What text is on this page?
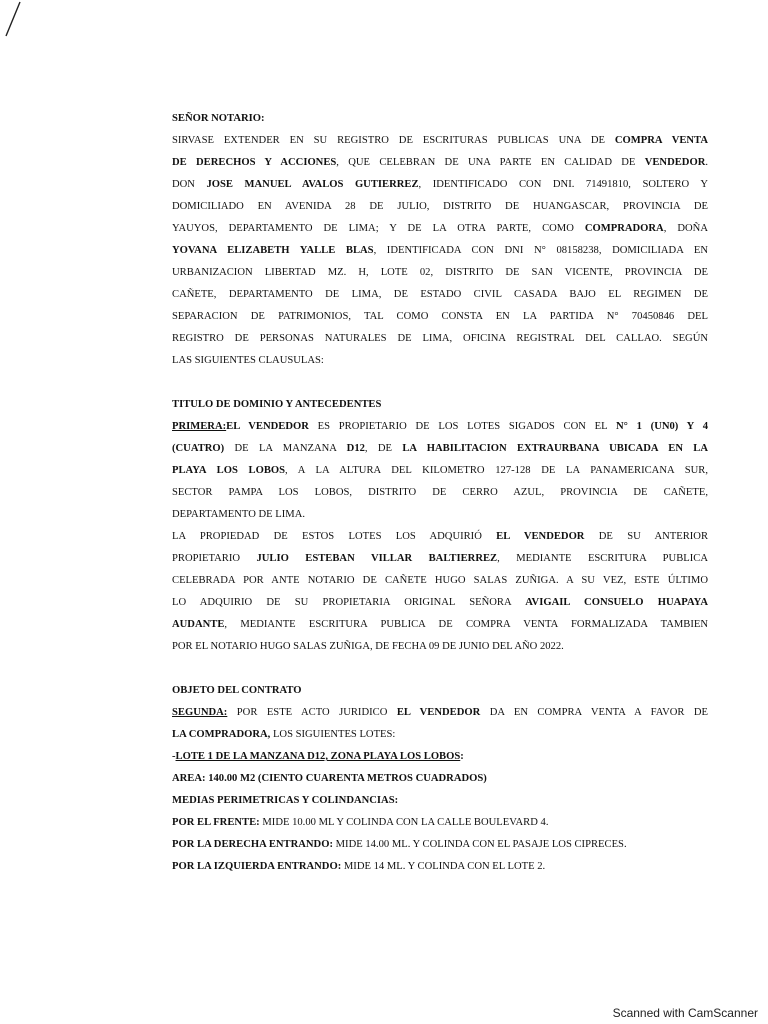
SEÑOR NOTARIO:
SIRVASE EXTENDER EN SU REGISTRO DE ESCRITURAS PUBLICAS UNA DE COMPRA VENTA
DE DERECHOS Y ACCIONES, QUE CELEBRAN DE UNA PARTE EN CALIDAD DE VENDEDOR.
DON JOSE MANUEL AVALOS GUTIERREZ, IDENTIFICADO CON DNI. 71491810, SOLTERO Y
DOMICILIADO EN AVENIDA 28 DE JULIO, DISTRITO DE HUANGASCAR, PROVINCIA DE
YAUYOS, DEPARTAMENTO DE LIMA; Y DE LA OTRA PARTE, COMO COMPRADORA, DOÑA
YOVANA ELIZABETH YALLE BLAS, IDENTIFICADA CON DNI N° 08158238, DOMICILIADA EN
URBANIZACION LIBERTAD MZ. H, LOTE 02, DISTRITO DE SAN VICENTE, PROVINCIA DE
CAÑETE, DEPARTAMENTO DE LIMA, DE ESTADO CIVIL CASADA BAJO EL REGIMEN DE
SEPARACION DE PATRIMONIOS, TAL COMO CONSTA EN LA PARTIDA N° 70450846 DEL
REGISTRO DE PERSONAS NATURALES DE LIMA, OFICINA REGISTRAL DEL CALLAO. SEGÚN
LAS SIGUIENTES CLAUSULAS:
TITULO DE DOMINIO Y ANTECEDENTES
PRIMERA:EL VENDEDOR ES PROPIETARIO DE LOS LOTES SIGADOS CON EL N° 1 (UN0) Y 4
(CUATRO) DE LA MANZANA D12, DE LA HABILITACION EXTRAURBANA UBICADA EN LA
PLAYA LOS LOBOS, A LA ALTURA DEL KILOMETRO 127-128 DE LA PANAMERICANA SUR,
SECTOR PAMPA LOS LOBOS, DISTRITO DE CERRO AZUL, PROVINCIA DE CAÑETE,
DEPARTAMENTO DE LIMA.
LA PROPIEDAD DE ESTOS LOTES LOS ADQUIRIÓ EL VENDEDOR DE SU ANTERIOR
PROPIETARIO JULIO ESTEBAN VILLAR BALTIERREZ, MEDIANTE ESCRITURA PUBLICA
CELEBRADA POR ANTE NOTARIO DE CAÑETE HUGO SALAS ZUÑIGA. A SU VEZ, ESTE ÚLTIMO
LO ADQUIRIO DE SU PROPIETARIA ORIGINAL SEÑORA AVIGAIL CONSUELO HUAPAYA
AUDANTE, MEDIANTE ESCRITURA PUBLICA DE COMPRA VENTA FORMALIZADA TAMBIEN
POR EL NOTARIO HUGO SALAS ZUÑIGA, DE FECHA 09 DE JUNIO DEL AÑO 2022.
OBJETO DEL CONTRATO
SEGUNDA: POR ESTE ACTO JURIDICO EL VENDEDOR DA EN COMPRA VENTA A FAVOR DE
LA COMPRADORA, LOS SIGUIENTES LOTES:
-LOTE 1 DE LA MANZANA D12, ZONA PLAYA LOS LOBOS:
AREA: 140.00 M2 (CIENTO CUARENTA METROS CUADRADOS)
MEDIAS PERIMETRICAS Y COLINDANCIAS:
POR EL FRENTE: MIDE 10.00 ML Y COLINDA CON LA CALLE BOULEVARD 4.
POR LA DERECHA ENTRANDO: MIDE 14.00 ML. Y COLINDA CON EL PASAJE LOS CIPRECES.
POR LA IZQUIERDA ENTRANDO: MIDE 14 ML. Y COLINDA CON EL LOTE 2.
Scanned with CamScanner
